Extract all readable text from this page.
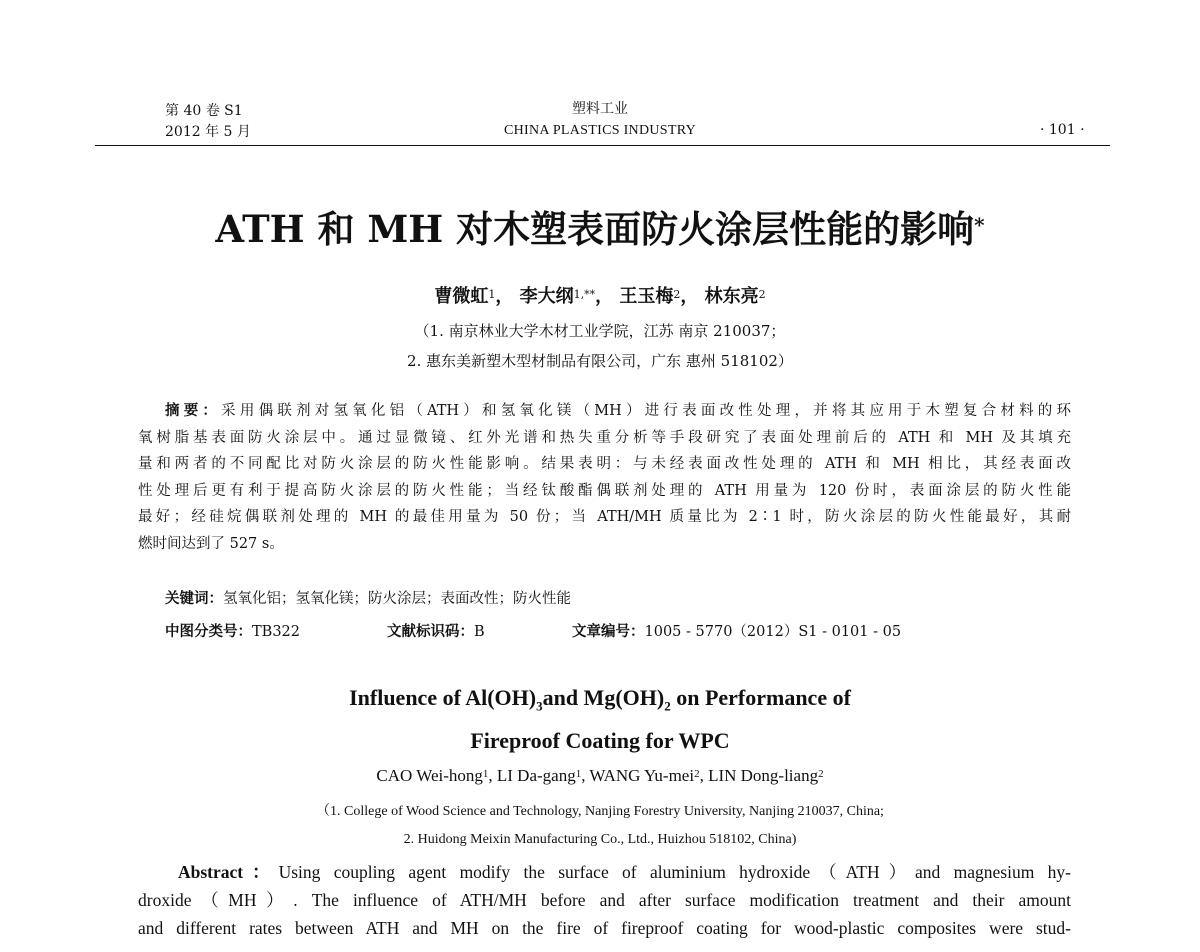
第 40 卷 S1
2012 年 5 月
塑料工业
CHINA PLASTICS INDUSTRY	· 101 ·
ATH 和 MH 对木塑表面防火涂层性能的影响*
曹微虹$^1$， 李大纲$^{1,**}$， 王玉梅$^2$， 林东亮$^2$
（1. 南京林业大学木材工业学院，江苏 南京 210037；
2. 惠东美新塑木型材制品有限公司，广东 惠州 518102）
摘要：采用偶联剂对氢氧化铝（ATH）和氢氧化镁（MH）进行表面改性处理，并将其应用于木塑复合材料的环
氧树脂基表面防火涂层中。通过显微镜、红外光谱和热失重分析等手段研究了表面处理前后的 ATH 和 MH 及其填充
量和两者的不同配比对防火涂层的防火性能影响。结果表明：与未经表面改性处理的 ATH 和 MH 相比，其经表面改
性处理后更有利于提高防火涂层的防火性能；当经钛酸酯偶联剂处理的 ATH 用量为 120 份时，表面涂层的防火性能
最好；经硅烷偶联剂处理的 MH 的最佳用量为 50 份；当 ATH/MH 质量比为 2∶1 时，防火涂层的防火性能最好，其耐
燃时间达到了 527 s。
关键词：氢氧化铝；氢氧化镁；防火涂层；表面改性；防火性能
中图分类号：TB322	文献标识码：B	文章编号：1005 - 5770（2012）S1 - 0101 - 05
Influence of $Al(OH)_3and$ $Mg(OH)_2$ on Performance of
Fireproof Coating for WPC
CAO Wei-hong$^1$, LI Da-gang$^1$, WANG Yu-mei$^2$, LIN Dong-liang$^2$
（1. College of Wood Science and Technology, Nanjing Forestry University, Nanjing 210037, China;
2. Huidong Meixin Manufacturing Co., Ltd., Huizhou 518102, China)
Abstract：Using coupling agent modify the surface of aluminium hydroxide（ATH）and magnesium hy-
droxide（MH）. The influence of ATH/MH before and after surface modification treatment and their amount
and different rates between ATH and MH on the fire of fireproof coating for wood-plastic composites were stud-
